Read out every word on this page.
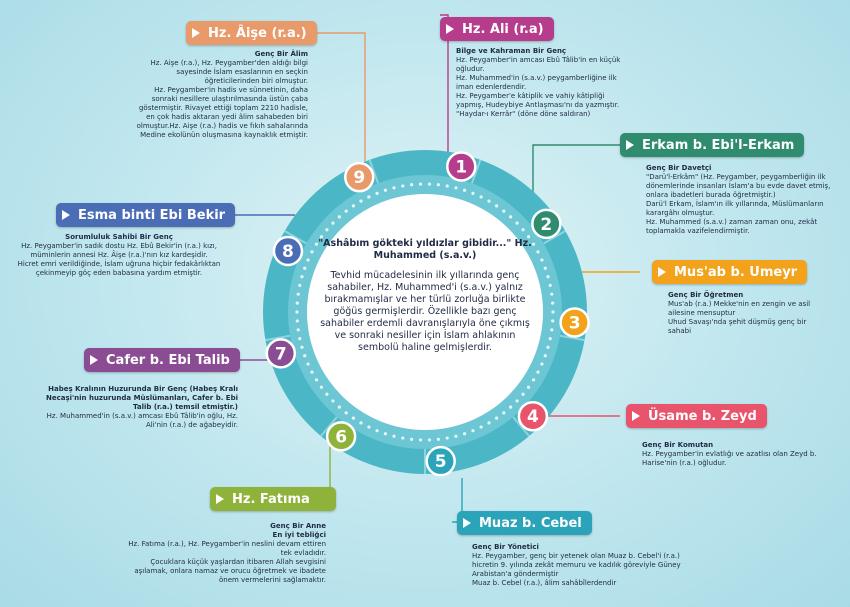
1
2
3
4
5
6
7
8
9
"Ashâbım gökteki yıldızlar gibidir..." Hz. Muhammed (s.a.v.)
Tevhid mücadelesinin ilk yıllarında genç sahabiler, Hz. Muhammed'i (s.a.v.) yalnız bırakmamışlar ve her türlü zorluğa birlikte göğüs germişlerdir. Özellikle bazı genç sahabiler erdemli davranışlarıyla öne çıkmış ve sonraki nesiller için İslam ahlakının sembolü haline gelmişlerdir.
Hz. Âişe (r.a.)
Genç Bir Âlim
Hz. Aişe (r.a.), Hz. Peygamber'den aldığı bilgi sayesinde İslam esaslarının en seçkin öğreticilerinden biri olmuştur.
Hz. Peygamber'in hadis ve sünnetinin, daha sonraki nesillere ulaştırılmasında üstün çaba göstermiştir. Rivayet ettiği toplam 2210 hadisle, en çok hadis aktaran yedi âlim sahabeden biri olmuştur.Hz. Aişe (r.a.) hadis ve fıkıh sahalarında Medine ekolünün oluşmasına kaynaklık etmiştir.
Hz. Ali (r.a)
Bilge ve Kahraman Bir Genç
Hz. Peygamber'in amcası Ebû Tâlib'in en küçük oğludur.
Hz. Muhammed'in (s.a.v.) peygamberliğine ilk iman edenlerdendir.
Hz. Peygamber'e kâtiplik ve vahiy kâtipliği yapmış, Hudeybiye Antlaşması'nı da yazmıştır.
"Haydar-ı Kerrâr" (döne döne saldıran)
Erkam b. Ebi'l-Erkam
Genç Bir Davetçi
"Darü'l-Erkâm" (Hz. Peygamber, peygamberliğin ilk dönemlerinde insanları İslam'a bu evde davet etmiş, onlara ibadetleri burada öğretmiştir.)
Darü'l Erkam, İslam'ın ilk yıllarında, Müslümanların karargâhı olmuştur.
Hz. Muhammed (s.a.v.) zaman zaman onu, zekât toplamakla vazifelendirmiştir.
Mus'ab b. Umeyr
Genç Bir Öğretmen
Mus'ab (r.a.) Mekke'nin en zengin ve asil ailesine mensuptur
Uhud Savaşı'nda şehit düşmüş genç bir sahabi
Üsame b. Zeyd
Genç Bir Komutan
Hz. Peygamber'in evlatlığı ve azatlısı olan Zeyd b. Harise'nin (r.a.) oğludur.
Muaz b. Cebel
Genç Bir Yönetici
Hz. Peygamber, genç bir yetenek olan Muaz b. Cebel'i (r.a.) hicretin 9. yılında zekât memuru ve kadılık göreviyle Güney Arabistan'a göndermiştir
Muaz b. Cebel (r.a.), âlim sahâbîlerdendir
Hz. Fatıma
Genç Bir Anne
En iyi tebliğci
Hz. Fatıma (r.a.), Hz. Peygamber'in neslini devam ettiren tek evladıdır.
Çocuklara küçük yaşlardan itibaren Allah sevgisini aşılamak, onlara namaz ve orucu öğretmek ve ibadete önem vermelerini sağlamaktır.
Cafer b. Ebi Talib
Habeş Kralının Huzurunda Bir Genç (Habeş Kralı Necaşi'nin huzurunda Müslümanları, Cafer b. Ebi Talib (r.a.) temsil etmiştir.)
Hz. Muhammed'in (s.a.v.) amcası Ebû Tâlib'in oğlu, Hz. Ali'nin (r.a.) de ağabeyidir.
Esma binti Ebi Bekir
Sorumluluk Sahibi Bir Genç
Hz. Peygamber'in sadık dostu Hz. Ebû Bekir'in (r.a.) kızı, müminlerin annesi Hz. Âişe (r.a.)'nın kız kardeşidir.
Hicret emri verildiğinde, İslam uğruna hiçbir fedakârlıktan çekinmeyip göç eden babasına yardım etmiştir.
